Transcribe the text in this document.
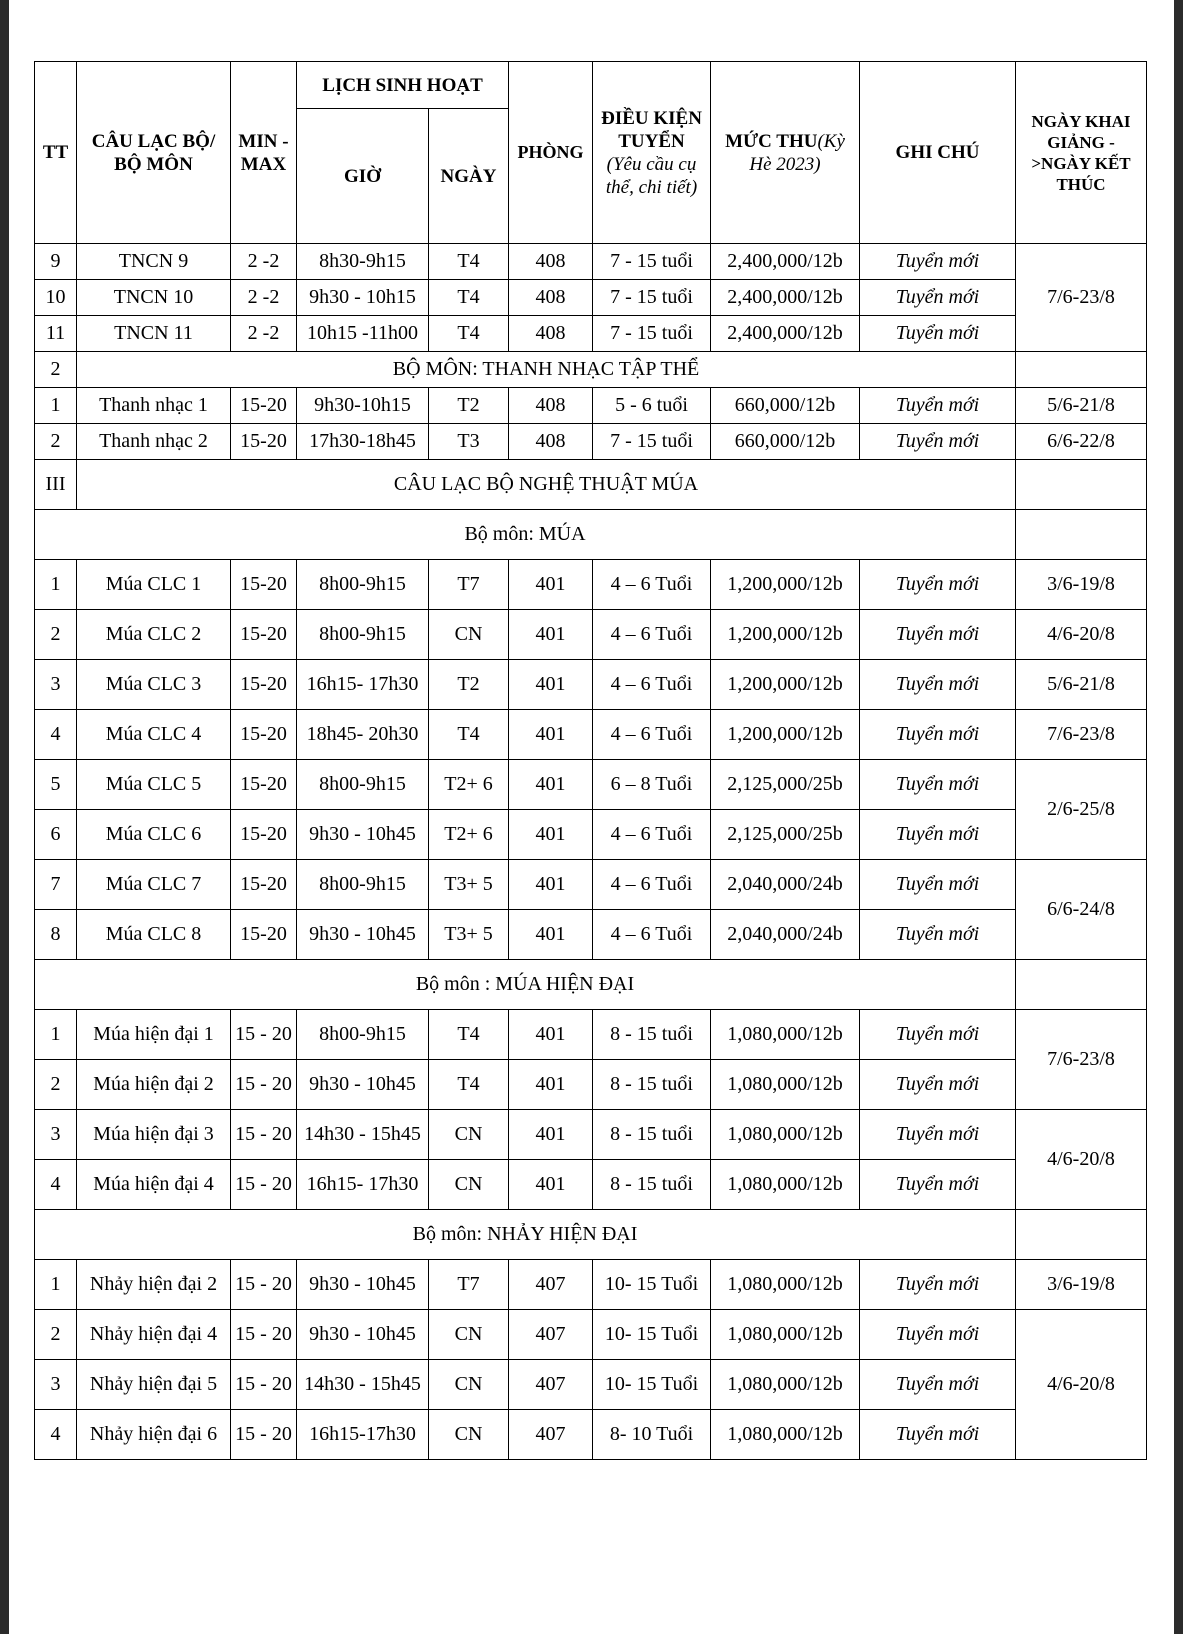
TT	CÂU LẠC BỘ/ BỘ MÔN	MIN - MAX	LỊCH SINH HOẠT		PHÒNG	ĐIỀU KIỆN TUYỂN
(Yêu cầu cụ thể, chi tiết)	MỨC THU(Kỳ Hè 2023)	GHI CHÚ	NGÀY KHAI GIẢNG ->NGÀY KẾT THÚC
			GIỜ	NGÀY					
9	TNCN 9	2 -2	8h30-9h15	T4	408	7 - 15 tuổi	2,400,000/12b	Tuyển mới	7/6-23/8
10	TNCN 10	2 -2	9h30 - 10h15	T4	408	7 - 15 tuổi	2,400,000/12b	Tuyển mới	
11	TNCN 11	2 -2	10h15 -11h00	T4	408	7 - 15 tuổi	2,400,000/12b	Tuyển mới	
2	BỘ MÔN: THANH NHẠC TẬP THỂ								
1	Thanh nhạc 1	15-20	9h30-10h15	T2	408	5 - 6 tuổi	660,000/12b	Tuyển mới	5/6-21/8
2	Thanh nhạc 2	15-20	17h30-18h45	T3	408	7 - 15 tuổi	660,000/12b	Tuyển mới	6/6-22/8
III	CÂU LẠC BỘ NGHỆ THUẬT MÚA								
Bộ môn: MÚA									
1	Múa CLC 1	15-20	8h00-9h15	T7	401	4 – 6 Tuổi	1,200,000/12b	Tuyển mới	3/6-19/8
2	Múa CLC 2	15-20	8h00-9h15	CN	401	4 – 6 Tuổi	1,200,000/12b	Tuyển mới	4/6-20/8
3	Múa CLC 3	15-20	16h15- 17h30	T2	401	4 – 6 Tuổi	1,200,000/12b	Tuyển mới	5/6-21/8
4	Múa CLC 4	15-20	18h45- 20h30	T4	401	4 – 6 Tuổi	1,200,000/12b	Tuyển mới	7/6-23/8
5	Múa CLC 5	15-20	8h00-9h15	T2+ 6	401	6 – 8 Tuổi	2,125,000/25b	Tuyển mới	2/6-25/8
6	Múa CLC 6	15-20	9h30 - 10h45	T2+ 6	401	4 – 6 Tuổi	2,125,000/25b	Tuyển mới	
7	Múa CLC 7	15-20	8h00-9h15	T3+ 5	401	4 – 6 Tuổi	2,040,000/24b	Tuyển mới	6/6-24/8
8	Múa CLC 8	15-20	9h30 - 10h45	T3+ 5	401	4 – 6 Tuổi	2,040,000/24b	Tuyển mới	
Bộ môn : MÚA HIỆN ĐẠI									
1	Múa hiện đại 1	15 - 20	8h00-9h15	T4	401	8 - 15 tuổi	1,080,000/12b	Tuyển mới	7/6-23/8
2	Múa hiện đại 2	15 - 20	9h30 - 10h45	T4	401	8 - 15 tuổi	1,080,000/12b	Tuyển mới	
3	Múa hiện đại 3	15 - 20	14h30 - 15h45	CN	401	8 - 15 tuổi	1,080,000/12b	Tuyển mới	4/6-20/8
4	Múa hiện đại 4	15 - 20	16h15- 17h30	CN	401	8 - 15 tuổi	1,080,000/12b	Tuyển mới	
Bộ môn: NHẢY HIỆN ĐẠI									
1	Nhảy hiện đại 2	15 - 20	9h30 - 10h45	T7	407	10- 15 Tuổi	1,080,000/12b	Tuyển mới	3/6-19/8
2	Nhảy hiện đại 4	15 - 20	9h30 - 10h45	CN	407	10- 15 Tuổi	1,080,000/12b	Tuyển mới	4/6-20/8
3	Nhảy hiện đại 5	15 - 20	14h30 - 15h45	CN	407	10- 15 Tuổi	1,080,000/12b	Tuyển mới	
4	Nhảy hiện đại 6	15 - 20	16h15-17h30	CN	407	8- 10 Tuổi	1,080,000/12b	Tuyển mới	
